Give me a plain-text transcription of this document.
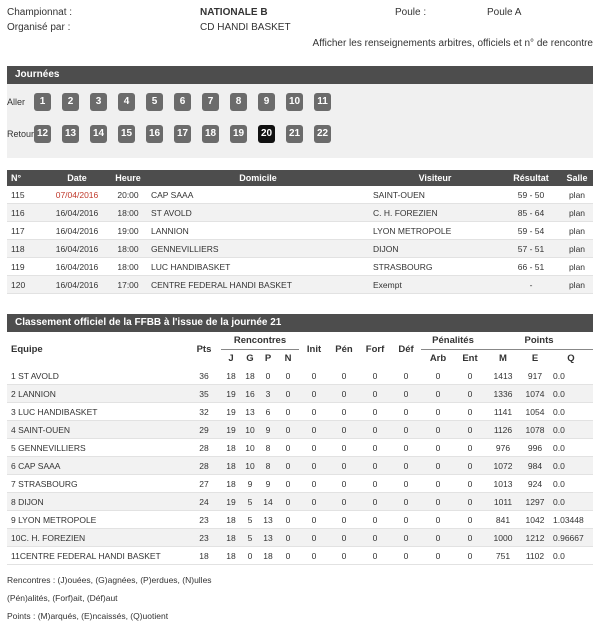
Championnat :	NATIONALE B	Poule :	Poule A
Organisé par :	CD HANDI BASKET
Afficher les renseignements arbitres, officiels et n° de rencontre
Journées
Aller	1	2	3	4	5	6	7	8	9	10	11
Retour 12 13 14 15 16 17 18 19 20 21 22
N°	Date	Heure	Domicile	Visiteur	Résultat	Salle
115	07/04/2016	20:00	CAP SAAA	SAINT-OUEN	59 - 50	plan
116	16/04/2016	18:00	ST AVOLD	C. H. FOREZIEN	85 - 64	plan
117	16/04/2016	19:00	LANNION	LYON METROPOLE	59 - 54	plan
118	16/04/2016	18:00	GENNEVILLIERS	DIJON	57 - 51	plan
119	16/04/2016	18:00	LUC HANDIBASKET	STRASBOURG	66 - 51	plan
120	16/04/2016	17:00	CENTRE FEDERAL HANDI BASKET	Exempt	-	plan
Classement officiel de la FFBB à l'issue de la journée 21
Equipe	Pts	Rencontres				Init	Pén	Forf	Déf	Pénalités		Points		
		J	G	P	N					Arb	Ent	M	E	Q
1 ST AVOLD	36	18	18	0	0	0	0	0	0	0	0	1413	917	0.0
2 LANNION	35	19	16	3	0	0	0	0	0	0	0	1336	1074	0.0
3 LUC HANDIBASKET	32	19	13	6	0	0	0	0	0	0	0	1141	1054	0.0
4 SAINT-OUEN	29	19	10	9	0	0	0	0	0	0	0	1126	1078	0.0
5 GENNEVILLIERS	28	18	10	8	0	0	0	0	0	0	0	976	996	0.0
6 CAP SAAA	28	18	10	8	0	0	0	0	0	0	0	1072	984	0.0
7 STRASBOURG	27	18	9	9	0	0	0	0	0	0	0	1013	924	0.0
8 DIJON	24	19	5	14	0	0	0	0	0	0	0	1011	1297	0.0
9 LYON METROPOLE	23	18	5	13	0	0	0	0	0	0	0	841	1042	1.03448
10C. H. FOREZIEN	23	18	5	13	0	0	0	0	0	0	0	1000	1212	0.96667
11CENTRE FEDERAL HANDI BASKET	18	18	0	18	0	0	0	0	0	0	0	751	1102	0.0
Rencontres : (J)ouées, (G)agnées, (P)erdues, (N)ulles
(Pén)alités, (Forf)ait, (Déf)aut
Points : (M)arqués, (E)ncaissés, (Q)uotient
